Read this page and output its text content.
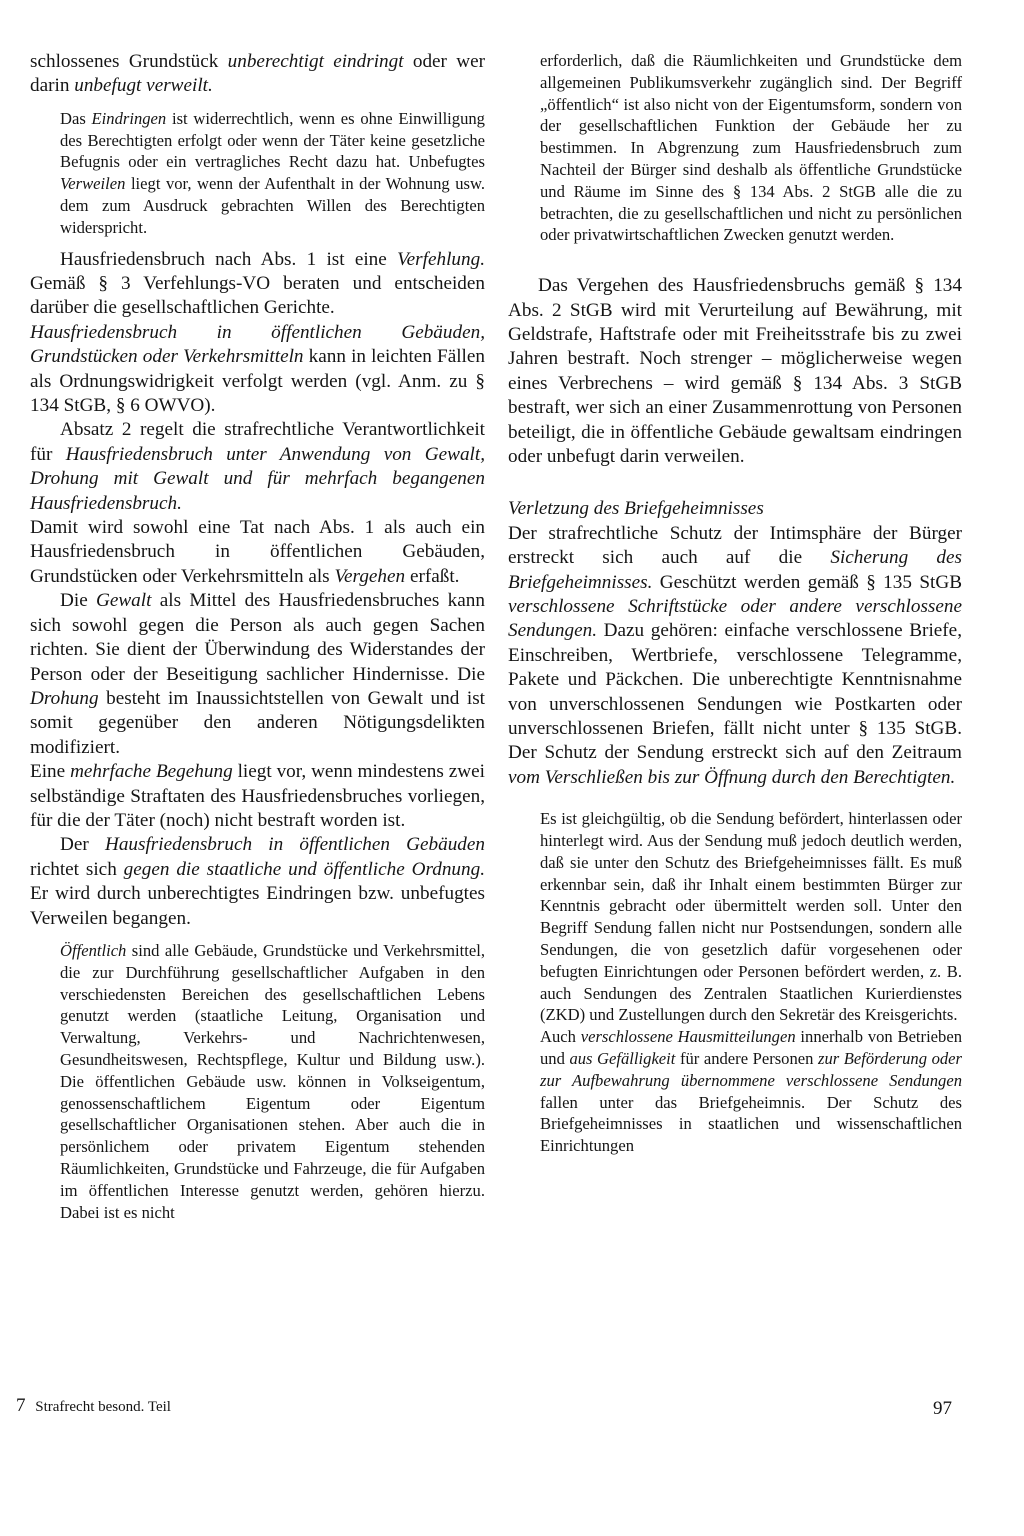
schlossenes Grundstück unberechtigt eindringt oder wer darin unbefugt verweilt.

Das Eindringen ist widerrechtlich, wenn es ohne Einwilligung des Berechtigten erfolgt oder wenn der Täter keine gesetzliche Befugnis oder ein vertragliches Recht dazu hat. Unbefugtes Verweilen liegt vor, wenn der Aufenthalt in der Wohnung usw. dem zum Ausdruck gebrachten Willen des Berechtigten widerspricht.

Hausfriedensbruch nach Abs. 1 ist eine Verfehlung. Gemäß § 3 Verfehlungs-VO beraten und entscheiden darüber die gesellschaftlichen Gerichte.

Hausfriedensbruch in öffentlichen Gebäuden, Grundstücken oder Verkehrsmitteln kann in leichten Fällen als Ordnungswidrigkeit verfolgt werden (vgl. Anm. zu § 134 StGB, § 6 OWVO).

Absatz 2 regelt die strafrechtliche Verantwortlichkeit für Hausfriedensbruch unter Anwendung von Gewalt, Drohung mit Gewalt und für mehrfach begangenen Hausfriedensbruch.

Damit wird sowohl eine Tat nach Abs. 1 als auch ein Hausfriedensbruch in öffentlichen Gebäuden, Grundstücken oder Verkehrsmitteln als Vergehen erfaßt.

Die Gewalt als Mittel des Hausfriedensbruches kann sich sowohl gegen die Person als auch gegen Sachen richten. Sie dient der Überwindung des Widerstandes der Person oder der Beseitigung sachlicher Hindernisse. Die Drohung besteht im Inaussichtstellen von Gewalt und ist somit gegenüber den anderen Nötigungsdelikten modifiziert.

Eine mehrfache Begehung liegt vor, wenn mindestens zwei selbständige Straftaten des Hausfriedensbruches vorliegen, für die der Täter (noch) nicht bestraft worden ist.

Der Hausfriedensbruch in öffentlichen Gebäuden richtet sich gegen die staatliche und öffentliche Ordnung. Er wird durch unberechtigtes Eindringen bzw. unbefugtes Verweilen begangen.

Öffentlich sind alle Gebäude, Grundstücke und Verkehrsmittel, die zur Durchführung gesellschaftlicher Aufgaben in den verschiedensten Bereichen des gesellschaftlichen Lebens genutzt werden (staatliche Leitung, Organisation und Verwaltung, Verkehrs- und Nachrichtenwesen, Gesundheitswesen, Rechtspflege, Kultur und Bildung usw.). Die öffentlichen Gebäude usw. können in Volkseigentum, genossenschaftlichem Eigentum oder Eigentum gesellschaftlicher Organisationen stehen. Aber auch die in persönlichem oder privatem Eigentum stehenden Räumlichkeiten, Grundstücke und Fahrzeuge, die für Aufgaben im öffentlichen Interesse genutzt werden, gehören hierzu. Dabei ist es nicht

erforderlich, daß die Räumlichkeiten und Grundstücke dem allgemeinen Publikumsverkehr zugänglich sind. Der Begriff „öffentlich“ ist also nicht von der Eigentumsform, sondern von der gesellschaftlichen Funktion der Gebäude her zu bestimmen. In Abgrenzung zum Hausfriedensbruch zum Nachteil der Bürger sind deshalb als öffentliche Grundstücke und Räume im Sinne des § 134 Abs. 2 StGB alle die zu betrachten, die zu gesellschaftlichen und nicht zu persönlichen oder privatwirtschaftlichen Zwecken genutzt werden.

Das Vergehen des Hausfriedensbruchs gemäß § 134 Abs. 2 StGB wird mit Verurteilung auf Bewährung, mit Geldstrafe, Haftstrafe oder mit Freiheitsstrafe bis zu zwei Jahren bestraft. Noch strenger – möglicherweise wegen eines Verbrechens – wird gemäß § 134 Abs. 3 StGB bestraft, wer sich an einer Zusammenrottung von Personen beteiligt, die in öffentliche Gebäude gewaltsam eindringen oder unbefugt darin verweilen.

Verletzung des Briefgeheimnisses

Der strafrechtliche Schutz der Intimsphäre der Bürger erstreckt sich auch auf die Sicherung des Briefgeheimnisses. Geschützt werden gemäß § 135 StGB verschlossene Schriftstücke oder andere verschlossene Sendungen. Dazu gehören: einfache verschlossene Briefe, Einschreiben, Wertbriefe, verschlossene Telegramme, Pakete und Päckchen. Die unberechtigte Kenntnisnahme von unverschlossenen Sendungen wie Postkarten oder unverschlossenen Briefen, fällt nicht unter § 135 StGB. Der Schutz der Sendung erstreckt sich auf den Zeitraum vom Verschließen bis zur Öffnung durch den Berechtigten.

Es ist gleichgültig, ob die Sendung befördert, hinterlassen oder hinterlegt wird. Aus der Sendung muß jedoch deutlich werden, daß sie unter den Schutz des Briefgeheimnisses fällt. Es muß erkennbar sein, daß ihr Inhalt einem bestimmten Bürger zur Kenntnis gebracht oder übermittelt werden soll. Unter den Begriff Sendung fallen nicht nur Postsendungen, sondern alle Sendungen, die von gesetzlich dafür vorgesehenen oder befugten Einrichtungen oder Personen befördert werden, z. B. auch Sendungen des Zentralen Staatlichen Kurierdienstes (ZKD) und Zustellungen durch den Sekretär des Kreisgerichts.

Auch verschlossene Hausmitteilungen innerhalb von Betrieben und aus Gefälligkeit für andere Personen zur Beförderung oder zur Aufbewahrung übernommene verschlossene Sendungen fallen unter das Briefgeheimnis. Der Schutz des Briefgeheimnisses in staatlichen und wissenschaftlichen Einrichtungen

7 Strafrecht besond. Teil	97
